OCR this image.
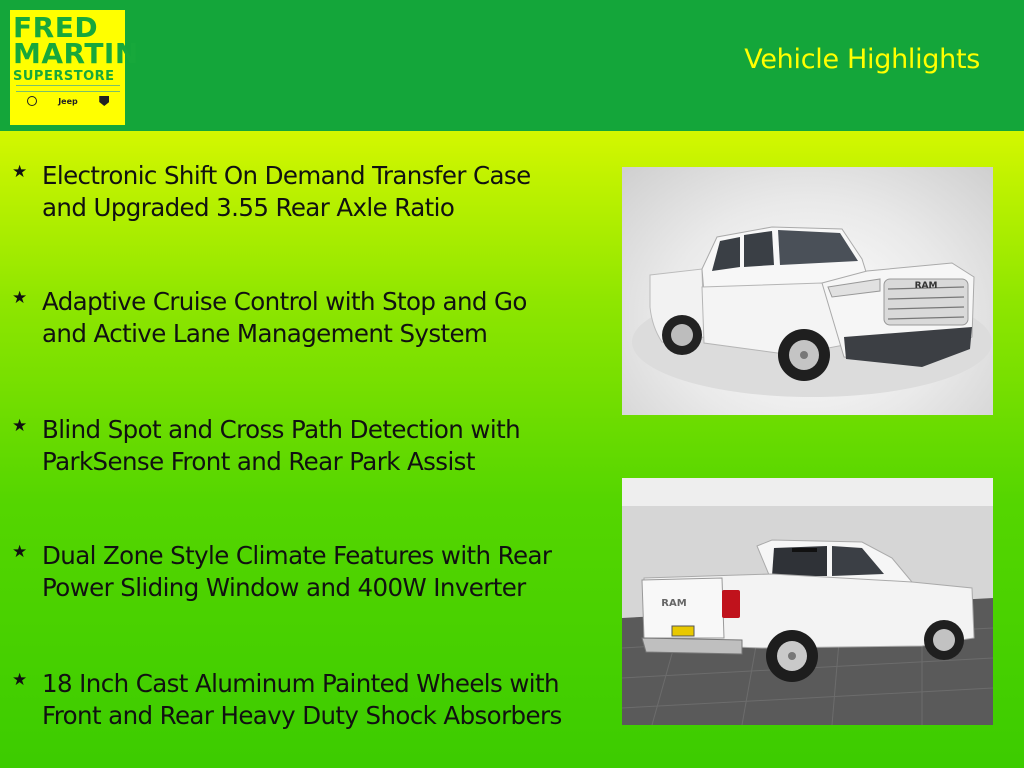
FRED
MARTIN
SUPERSTORE
Jeep
Vehicle Highlights
★ Electronic Shift On Demand Transfer Case
and Upgraded 3.55 Rear Axle Ratio
★ Adaptive Cruise Control with Stop and Go
and Active Lane Management System
★ Blind Spot and Cross Path Detection with
ParkSense Front and Rear Park Assist
★ Dual Zone Style Climate Features with Rear
Power Sliding Window and 400W Inverter
★ 18 Inch Cast Aluminum Painted Wheels with
Front and Rear Heavy Duty Shock Absorbers
RAM
RAM
